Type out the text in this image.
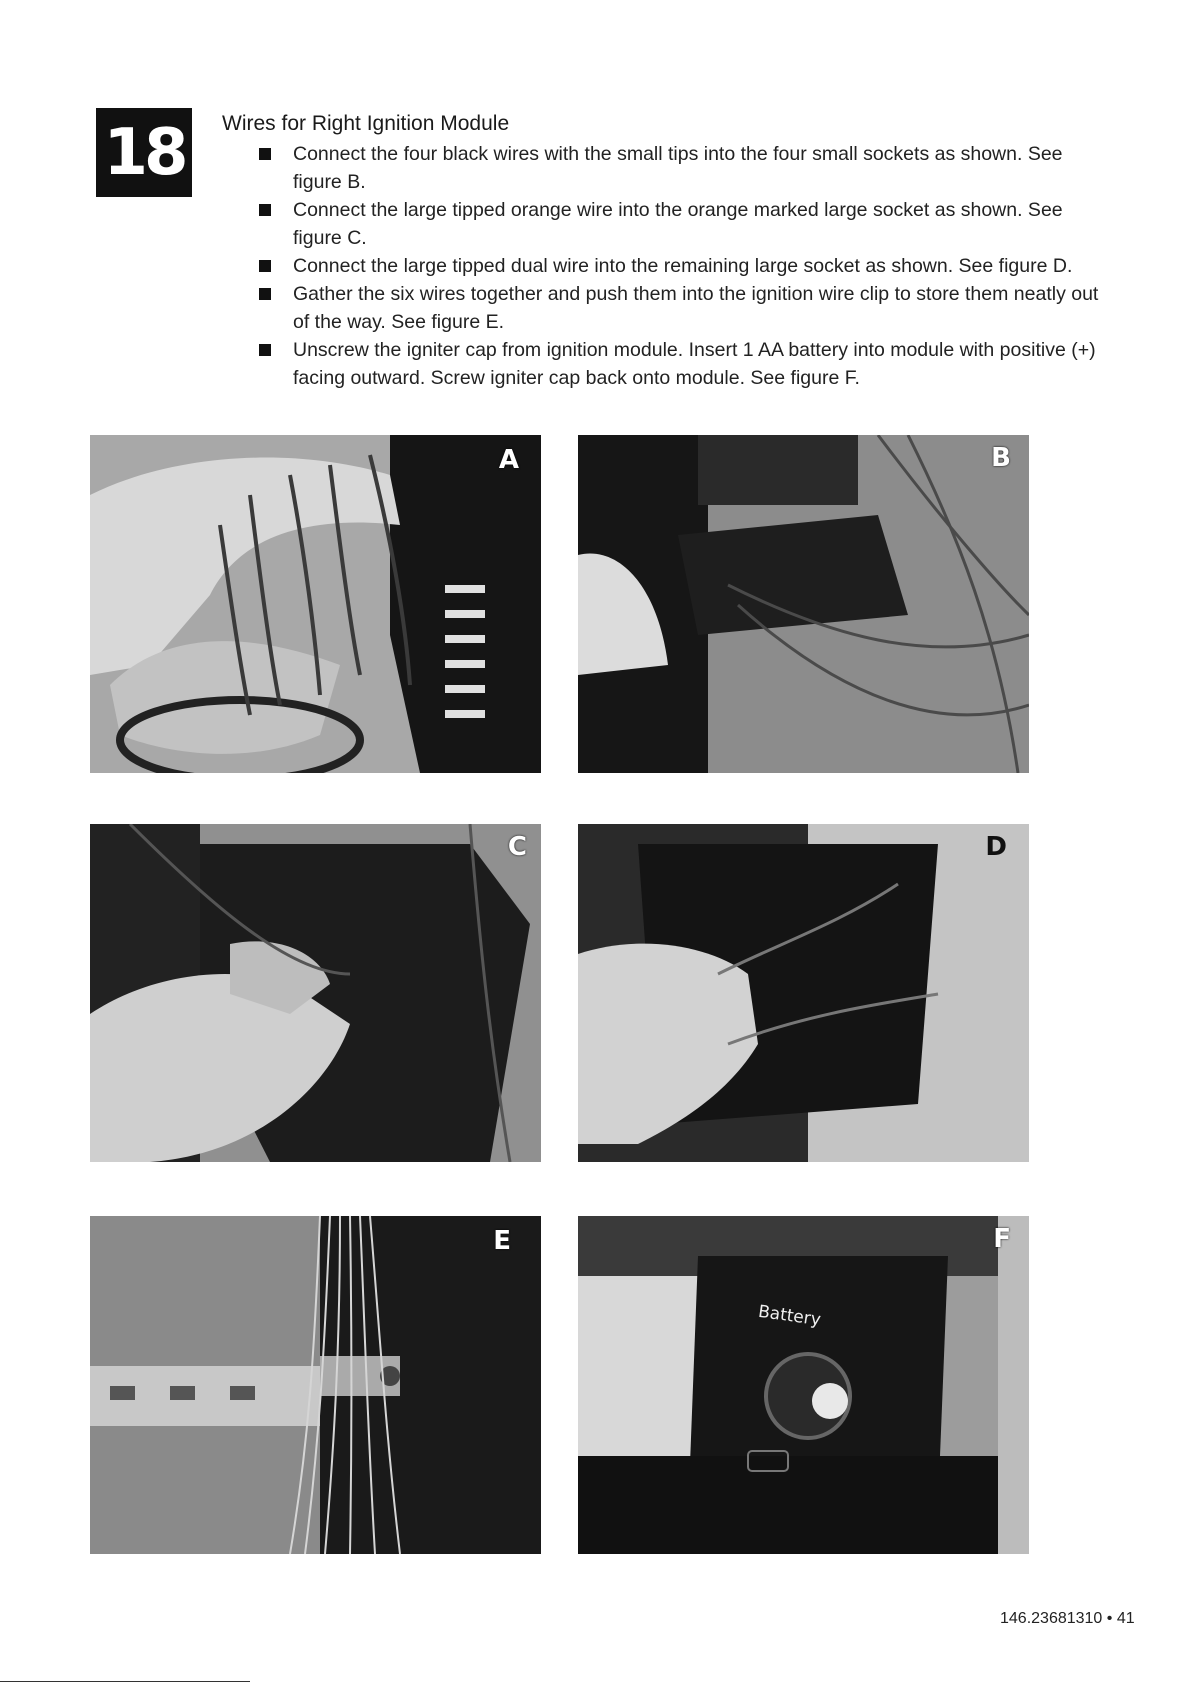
18	Wires for Right Ignition Module
Connect the four black wires with the small tips into the four small sockets as shown. See figure B.
Connect the large tipped orange wire into the orange marked large socket as shown. See figure C.
Connect the large tipped dual wire into the remaining large socket as shown. See figure D.
Gather the six wires together and push them into the ignition wire clip to store them neatly out of the way. See figure E.
Unscrew the igniter cap from ignition module. Insert 1 AA battery into module with positive (+) facing outward. Screw igniter cap back onto module. See figure F.
A	B
C	D
E
Battery
F
146.23681310 • 41
